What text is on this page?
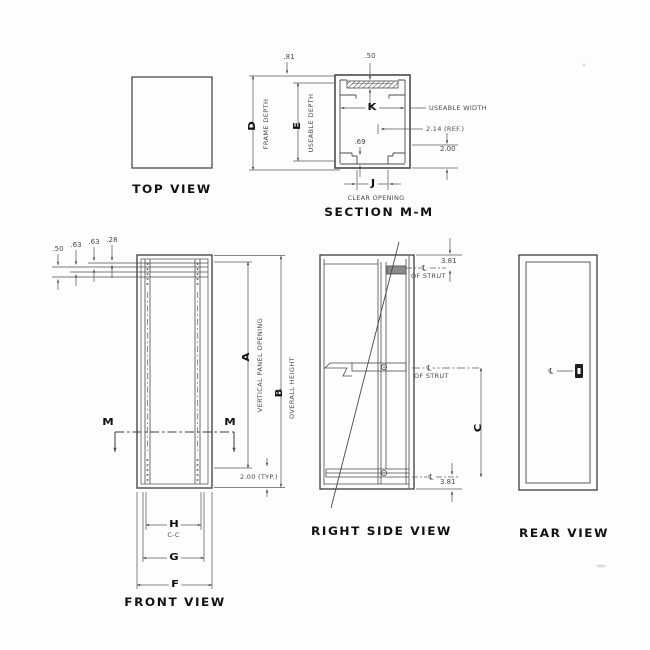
TOP VIEW
.81	.50
D FRAME DEPTH E USEABLE DEPTH	K	USEABLE WIDTH
2.14 (REF.)
.69
2.00
J
CLEAR OPENING
SECTION M-M
.50 .63 .63 .28
M	M
A VERTICAL PANEL OPENING B OVERALL HEIGHT
2.00 (TYP.)
H
C-C
G
F
FRONT VIEW
3.81
℄
OF STRUT
℄
OF STRUT
C
℄
3.81
RIGHT SIDE VIEW
℄
REAR VIEW
